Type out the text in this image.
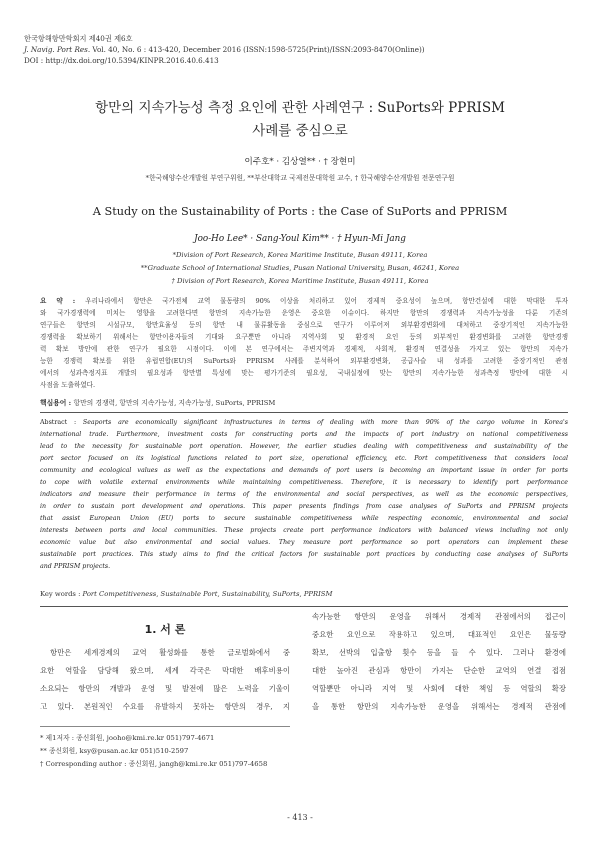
한국항해항만학회지 제40권 제6호
J. Navig. Port Res. Vol. 40, No. 6 : 413-420, December 2016 (ISSN:1598-5725(Print)/ISSN:2093-8470(Online))
DOI : http://dx.doi.org/10.5394/KINPR.2016.40.6.413
항만의 지속가능성 측정 요인에 관한 사례연구 : SuPorts와 PPRISM
사례를 중심으로
이주호* · 김상열** · † 장현미
*한국해양수산개발원 부연구위원, **부산대학교 국제전문대학원 교수, † 한국해양수산개발원 전문연구원
A Study on the Sustainability of Ports : the Case of SuPorts and PPRISM
Joo-Ho Lee* · Sang-Youl Kim** · † Hyun-Mi Jang
*Division of Port Research, Korea Maritime Institute, Busan 49111, Korea
**Graduate School of International Studies, Pusan National University, Busan, 46241, Korea
† Division of Port Research, Korea Maritime Institute, Busan 49111, Korea
요 약 : 우리나라에서 항만은 국가전체 교역 물동량의 90% 이상을 처리하고 있어 경제적 중요성이 높으며, 항만건설에 대한 막대한 투자
와 국가경쟁력에 미치는 영향을 고려한다면 항만의 지속가능한 운영은 중요한 이슈이다. 하지만 항만의 경쟁력과 지속가능성을 다룬 기존의
연구들은 항만의 시설규모, 항만효율성 등의 항만 내 물류활동을 중심으로 연구가 이루어져 외부환경변화에 대처하고 중장기적인 지속가능한
경쟁력을 확보하기 위해서는 항만이용자들의 기대와 요구뿐만 아니라 지역사회 및 환경적 요인 등의 외부적인 환경변화를 고려한 항만경쟁
력 확보 방안에 관한 연구가 필요한 시점이다. 이에 본 연구에서는 주변지역과 경제적, 사회적, 환경적 연결성을 가지고 있는 항만의 지속가
능한 경쟁력 확보를 위한 유럽연합(EU)의 SuPorts와 PPRISM 사례를 분석하여 외부환경변화, 공급사슬 내 성과를 고려한 중장기적인 관점
에서의 성과측정지표 개발의 필요성과 항만별 특성에 맞는 평가기준의 필요성, 국내실정에 맞는 항만의 지속가능한 성과측정 방안에 대한 시
사점을 도출하였다.
핵심용어 : 항만의 경쟁력, 항만의 지속가능성, 지속가능성, SuPorts, PPRISM
Abstract : Seaports are economically significant infrastructures in terms of dealing with more than 90% of the cargo volume in Korea's
international trade. Furthermore, investment costs for constructing ports and the impacts of port industry on national competitiveness
lead to the necessity for sustainable port operation. However, the earlier studies dealing with competitiveness and sustainability of the
port sector focused on its logistical functions related to port size, operational efficiency, etc. Port competitiveness that considers local
community and ecological values as well as the expectations and demands of port users is becoming an important issue in order for ports
to cope with volatile external environments while maintaining competitiveness. Therefore, it is necessary to identify port performance
indicators and measure their performance in terms of the environmental and social perspectives, as well as the economic perspectives,
in order to sustain port development and operations. This paper presents findings from case analyses of SuPorts and PPRISM projects
that assist European Union (EU) ports to secure sustainable competitiveness while respecting economic, environmental and social
interests between ports and local communities. These projects create port performance indicators with balanced views including not only
economic value but also environmental and social values. They measure port performance so port operators can implement these
sustainable port practices. This study aims to find the critical factors for sustainable port practices by conducting case analyses of SuPorts
and PPRISM projects.
Key words : Port Competitiveness, Sustainable Port, Sustainability, SuPorts, PPRISM
1. 서 론
항만은 세계경제의 교역 활성화를 통한 글로벌화에서 중
요한 역할을 담당해 왔으며, 세계 각국은 막대한 배후비용이
소요되는 항만의 개발과 운영 및 발전에 많은 노력을 기울이
고 있다. 본원적인 수요를 유발하지 못하는 항만의 경우, 지
속가능한 항만의 운영을 위해서 경제적 관점에서의 접근이
중요한 요인으로 작용하고 있으며, 대표적인 요인은 물동량
확보, 선박의 입출항 횟수 등을 들 수 있다. 그러나 환경에
대한 높아진 관심과 항만이 가지는 단순한 교역의 연결 접점
역할뿐만 아니라 지역 및 사회에 대한 책임 등 역할의 확장
을 통한 항만의 지속가능한 운영을 위해서는 경제적 관점에
* 제1저자 : 종신회원, jooho@kmi.re.kr 051)797-4671
** 종신회원, ksy@pusan.ac.kr 051)510-2597
† Corresponding author : 종신회원, jangh@kmi.re.kr 051)797-4658
- 413 -
